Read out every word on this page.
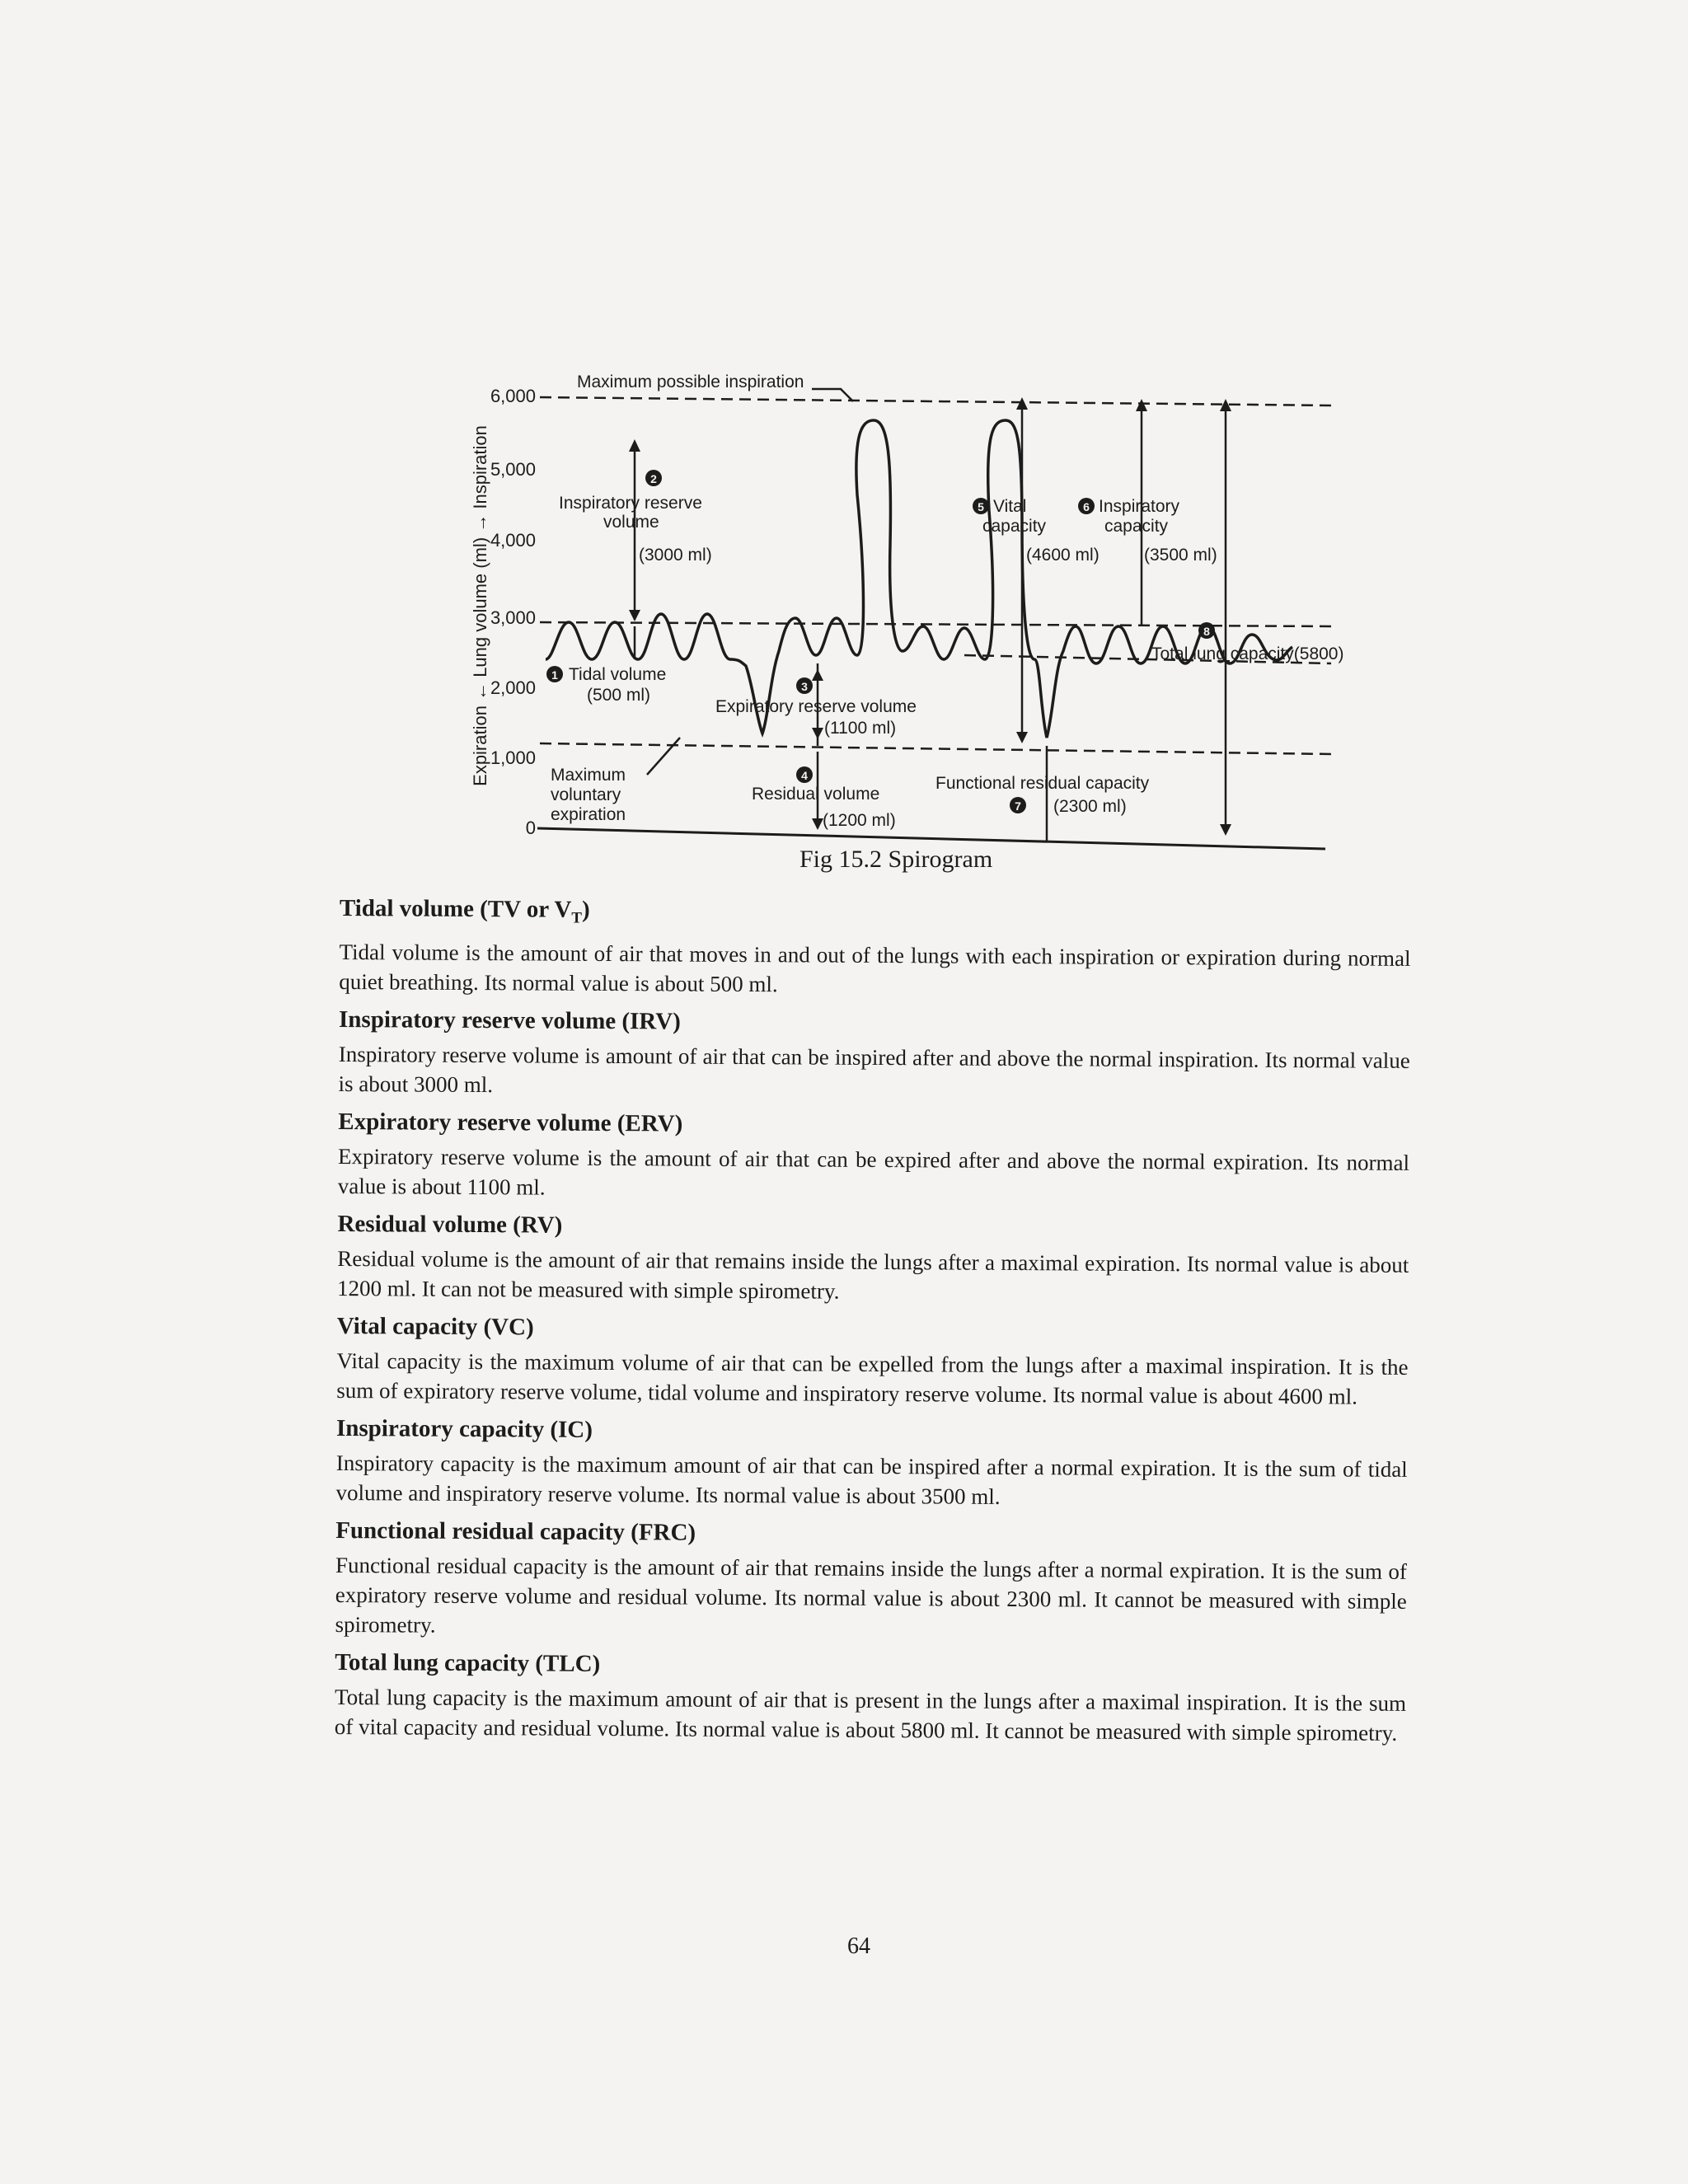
Expiration ← Lung volume (ml) → Inspiration
0
1,000
2,000
3,000
4,000
5,000
6,000
2
5	6
1
3
8
4
7
Maximum possible inspiration
Inspiratory reserve
volume
(3000 ml)
Vital
capacity
(4600 ml)
Inspiratory
capacity
(3500 ml)
Tidal volume
(500 ml)
Expiratory reserve volume
(1100 ml)
Total lung capacity(5800)
Maximum
voluntary
expiration
Residual volume
(1200 ml)
Functional residual capacity
(2300 ml)
Fig 15.2 Spirogram
Tidal volume (TV or $V_T$)

Tidal volume is the amount of air that moves in and out of the lungs with each inspiration or expiration during normal quiet breathing. Its normal value is about 500 ml.

Inspiratory reserve volume (IRV)

Inspiratory reserve volume is amount of air that can be inspired after and above the normal inspiration. Its normal value is about 3000 ml.

Expiratory reserve volume (ERV)

Expiratory reserve volume is the amount of air that can be expired after and above the normal expiration. Its normal value is about 1100 ml.

Residual volume (RV)

Residual volume is the amount of air that remains inside the lungs after a maximal expiration. Its normal value is about 1200 ml. It can not be measured with simple spirometry.

Vital capacity (VC)

Vital capacity is the maximum volume of air that can be expelled from the lungs after a maximal inspiration. It is the sum of expiratory reserve volume, tidal volume and inspiratory reserve volume. Its normal value is about 4600 ml.

Inspiratory capacity (IC)

Inspiratory capacity is the maximum amount of air that can be inspired after a normal expiration. It is the sum of tidal volume and inspiratory reserve volume. Its normal value is about 3500 ml.

Functional residual capacity (FRC)

Functional residual capacity is the amount of air that remains inside the lungs after a normal expiration. It is the sum of expiratory reserve volume and residual volume. Its normal value is about 2300 ml. It cannot be measured with simple spirometry.

Total lung capacity (TLC)

Total lung capacity is the maximum amount of air that is present in the lungs after a maximal inspiration. It is the sum of vital capacity and residual volume. Its normal value is about 5800 ml. It cannot be measured with simple spirometry.

64
